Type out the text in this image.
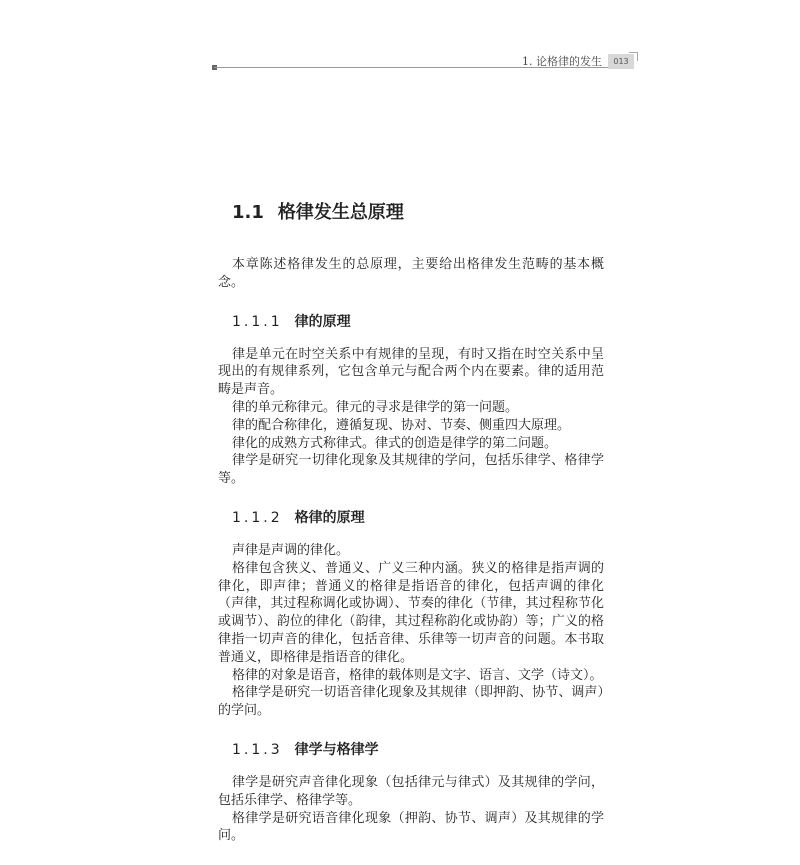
1. 论格律的发生	013
1.1 格律发生总原理

本章陈述格律发生的总原理，主要给出格律发生范畴的基本概念。

1.1.1 律的原理

律是单元在时空关系中有规律的呈现，有时又指在时空关系中呈现出的有规律系列，它包含单元与配合两个内在要素。律的适用范畴是声音。

律的单元称律元。律元的寻求是律学的第一问题。

律的配合称律化，遵循复现、协对、节奏、侧重四大原理。

律化的成熟方式称律式。律式的创造是律学的第二问题。

律学是研究一切律化现象及其规律的学问，包括乐律学、格律学等。

1.1.2 格律的原理

声律是声调的律化。

格律包含狭义、普通义、广义三种内涵。狭义的格律是指声调的律化，即声律；普通义的格律是指语音的律化，包括声调的律化（声律，其过程称调化或协调）、节奏的律化（节律，其过程称节化或调节）、韵位的律化（韵律，其过程称韵化或协韵）等；广义的格律指一切声音的律化，包括音律、乐律等一切声音的问题。本书取普通义，即格律是指语音的律化。

格律的对象是语音，格律的载体则是文字、语言、文学（诗文）。

格律学是研究一切语音律化现象及其规律（即押韵、协节、调声）的学问。

1.1.3 律学与格律学

律学是研究声音律化现象（包括律元与律式）及其规律的学问，包括乐律学、格律学等。

格律学是研究语音律化现象（押韵、协节、调声）及其规律的学问。
